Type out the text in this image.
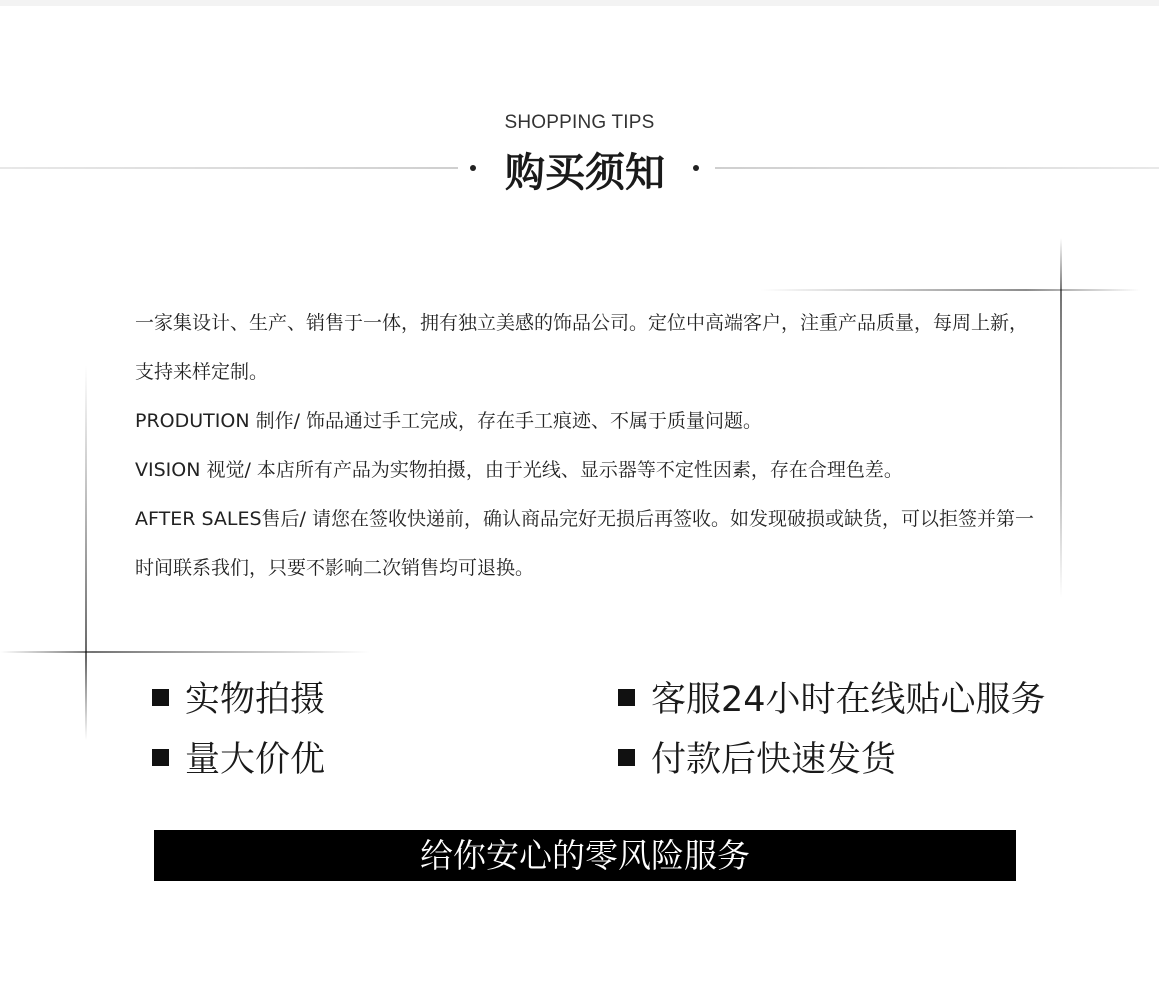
SHOPPING TIPS
购买须知

一家集设计、生产、销售于一体，拥有独立美感的饰品公司。定位中高端客户，注重产品质量，每周上新，支持来样定制。

PRODUTION 制作/ 饰品通过手工完成，存在手工痕迹、不属于质量问题。

VISION 视觉/ 本店所有产品为实物拍摄，由于光线、显示器等不定性因素，存在合理色差。

AFTER SALES售后/ 请您在签收快递前，确认商品完好无损后再签收。如发现破损或缺货，可以拒签并第一时间联系我们，只要不影响二次销售均可退换。

实物拍摄	客服24小时在线贴心服务
量大价优	付款后快速发货
给你安心的零风险服务
